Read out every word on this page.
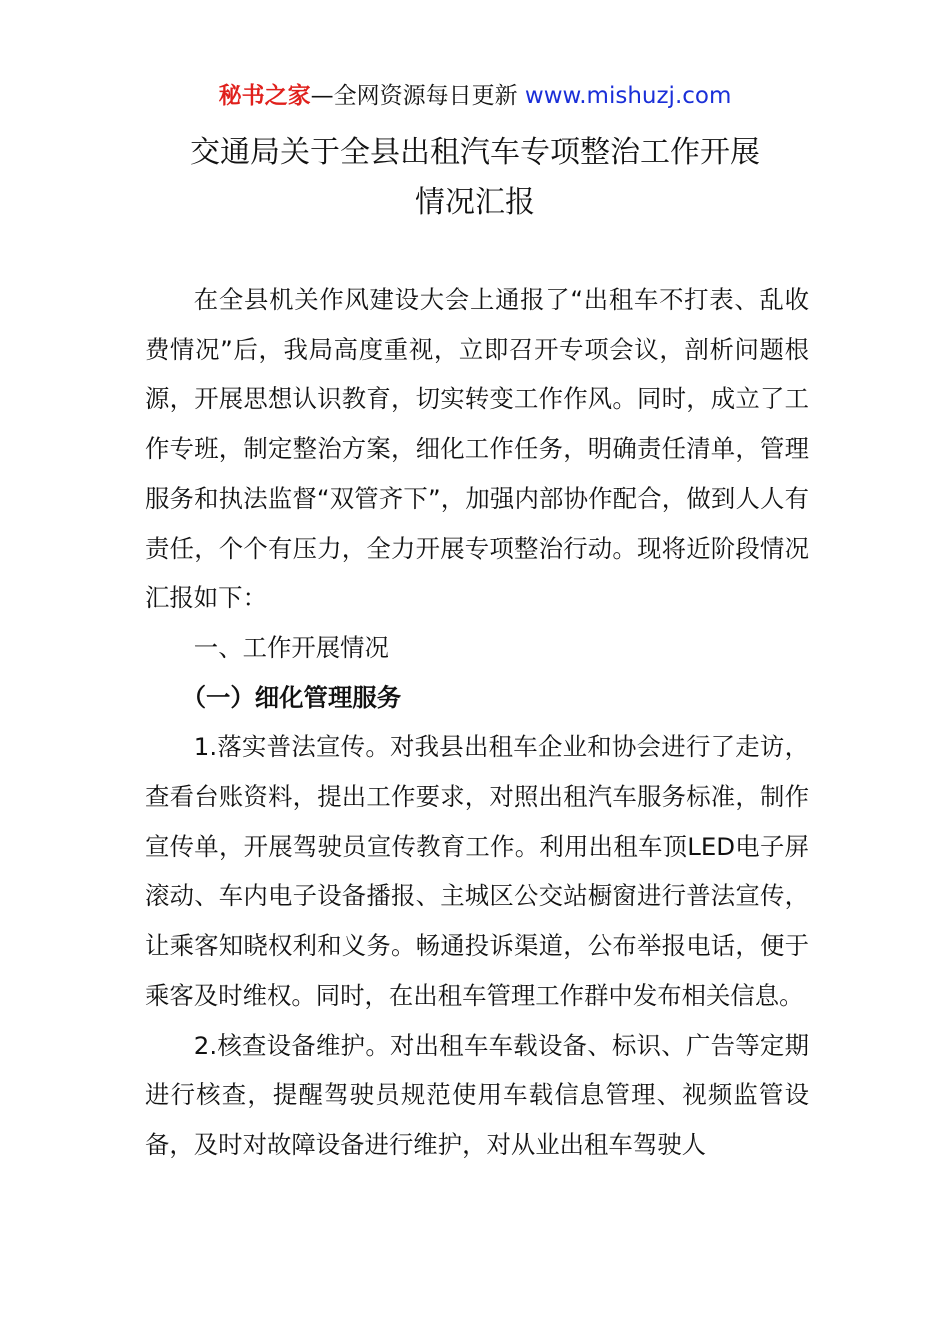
秘书之家—全网资源每日更新 www.mishuzj.com
交通局关于全县出租汽车专项整治工作开展
情况汇报

在全县机关作风建设大会上通报了“出租车不打表、乱收费情况”后，我局高度重视，立即召开专项会议，剖析问题根源，开展思想认识教育，切实转变工作作风。同时，成立了工作专班，制定整治方案，细化工作任务，明确责任清单，管理服务和执法监督“双管齐下”，加强内部协作配合，做到人人有责任，个个有压力，全力开展专项整治行动。现将近阶段情况汇报如下：

一、工作开展情况

（一）细化管理服务

1.落实普法宣传。对我县出租车企业和协会进行了走访，查看台账资料，提出工作要求，对照出租汽车服务标准，制作宣传单，开展驾驶员宣传教育工作。利用出租车顶LED电子屏滚动、车内电子设备播报、主城区公交站橱窗进行普法宣传，让乘客知晓权利和义务。畅通投诉渠道，公布举报电话，便于乘客及时维权。同时，在出租车管理工作群中发布相关信息。

2.核查设备维护。对出租车车载设备、标识、广告等定期进行核查，提醒驾驶员规范使用车载信息管理、视频监管设备，及时对故障设备进行维护，对从业出租车驾驶人
